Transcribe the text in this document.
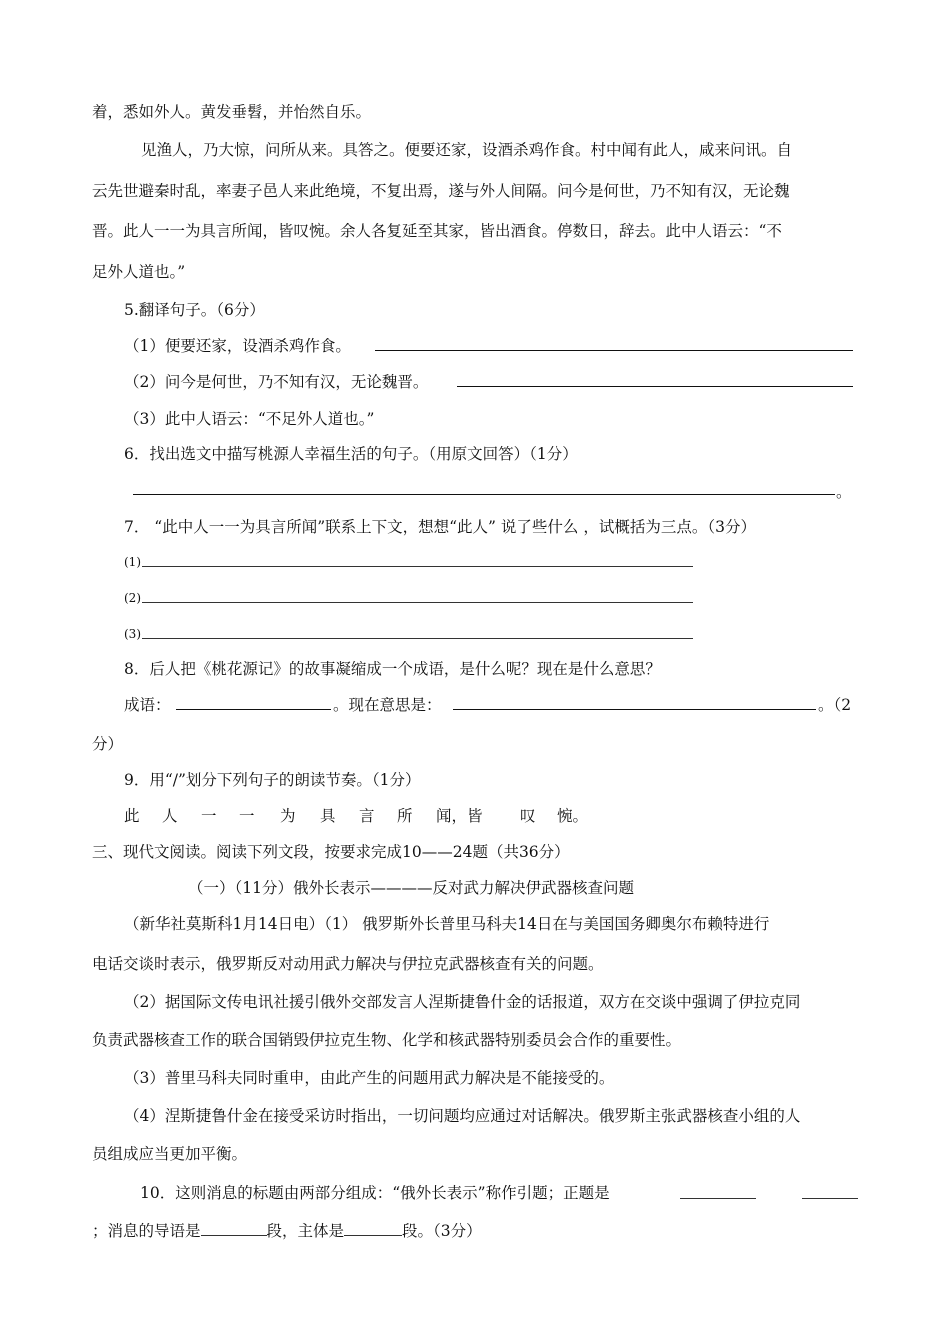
着，悉如外人。黄发垂髫，并怡然自乐。
见渔人，乃大惊，问所从来。具答之。便要还家，设酒杀鸡作食。村中闻有此人，咸来问讯。自
云先世避秦时乱，率妻子邑人来此绝境，不复出焉，遂与外人间隔。问今是何世，乃不知有汉，无论魏
晋。此人一一为具言所闻，皆叹惋。余人各复延至其家，皆出酒食。停数日，辞去。此中人语云：“不
足外人道也。”
5.翻译句子。（6分）
（1）便要还家，设酒杀鸡作食。
（2）问今是何世，乃不知有汉，无论魏晋。
（3）此中人语云：“不足外人道也。”
6．找出选文中描写桃源人幸福生活的句子。（用原文回答）（1分）
。
7． “此中人一一为具言所闻”联系上下文，想想“此人” 说了些什么 ，试概括为三点。（3分）
(1)
(2)
(3)
8．后人把《桃花源记》的故事凝缩成一个成语，是什么呢？现在是什么意思？
成语：	。现在意思是：	。（2
分）
9．用“/”划分下列句子的朗读节奏。（1分）
此 人 一 一 为 具 言 所 闻，皆 叹 惋。
三、现代文阅读。阅读下列文段，按要求完成10——24题（共36分）
（一）（11分）俄外长表示————反对武力解决伊武器核查问题
（新华社莫斯科1月14日电）（1） 俄罗斯外长普里马科夫14日在与美国国务卿奥尔布赖特进行
电话交谈时表示，俄罗斯反对动用武力解决与伊拉克武器核查有关的问题。
（2）据国际文传电讯社援引俄外交部发言人涅斯捷鲁什金的话报道，双方在交谈中强调了伊拉克同
负责武器核查工作的联合国销毁伊拉克生物、化学和核武器特别委员会合作的重要性。
（3）普里马科夫同时重申，由此产生的问题用武力解决是不能接受的。
（4）涅斯捷鲁什金在接受采访时指出，一切问题均应通过对话解决。俄罗斯主张武器核查小组的人
员组成应当更加平衡。
10．这则消息的标题由两部分组成：“俄外长表示”称作引题；正题是
；消息的导语是	段，主体是	段。（3分）
